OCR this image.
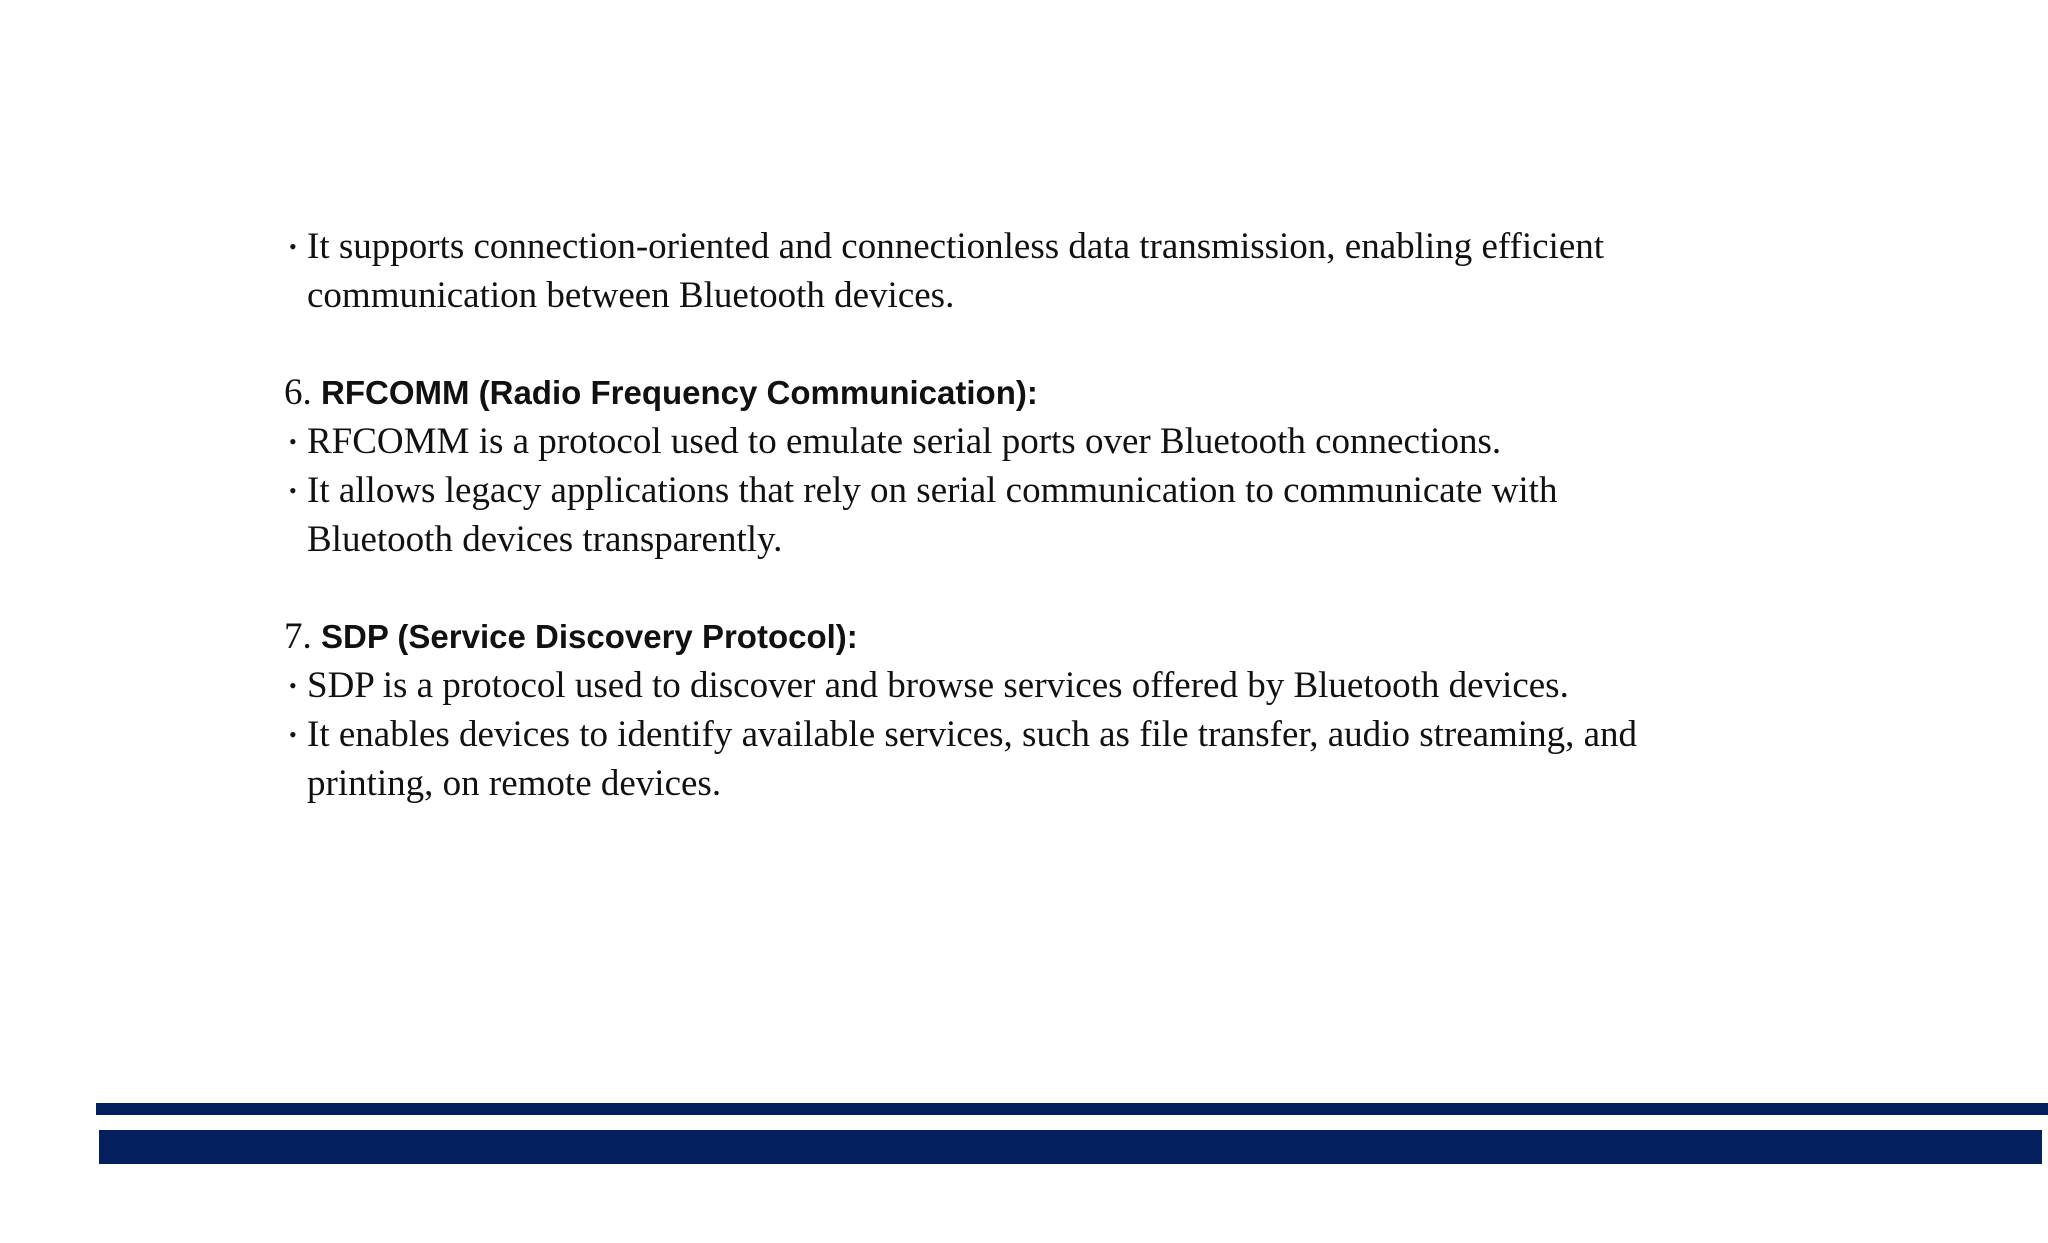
• It supports connection-oriented and connectionless data transmission, enabling efficient
communication between Bluetooth devices.
6. RFCOMM (Radio Frequency Communication):
• RFCOMM is a protocol used to emulate serial ports over Bluetooth connections.
• It allows legacy applications that rely on serial communication to communicate with
Bluetooth devices transparently.
7. SDP (Service Discovery Protocol):
• SDP is a protocol used to discover and browse services offered by Bluetooth devices.
• It enables devices to identify available services, such as file transfer, audio streaming, and
printing, on remote devices.
